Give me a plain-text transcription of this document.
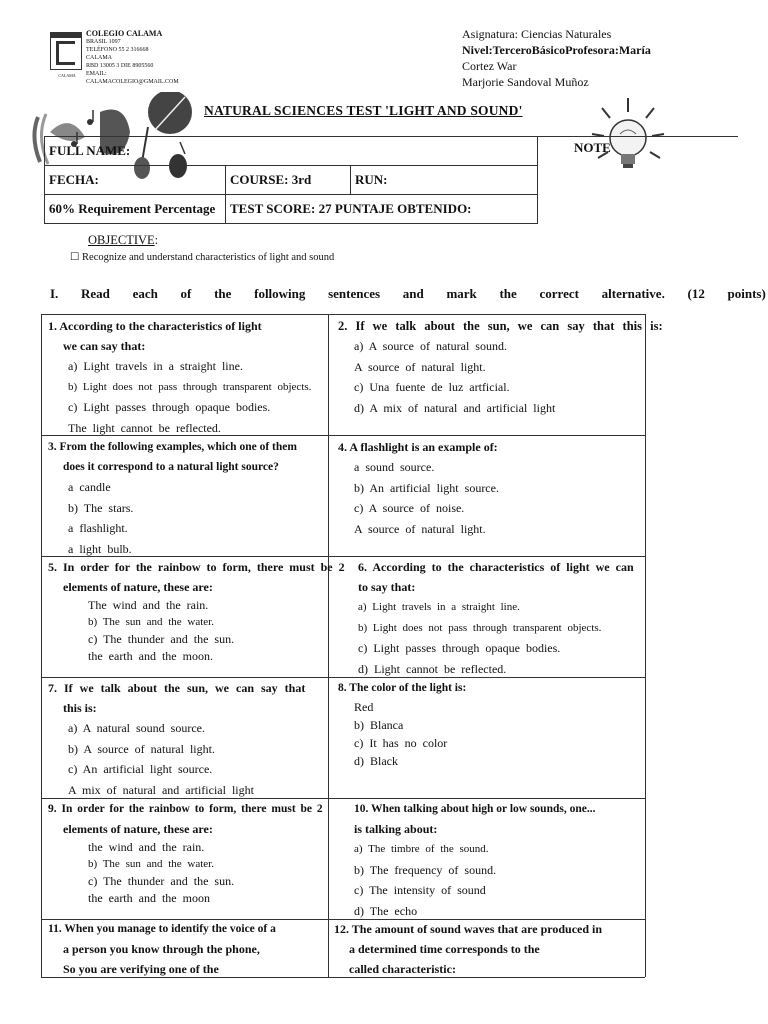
CALAMA
COLEGIO CALAMA
BRASIL 1097
TELÉFONO 55 2 316668
CALAMA
RBD 13005 3 DIE 8905560
EMAIL: CALAMACOLEGIO@GMAIL.COM
Asignatura: Ciencias Naturales
Nivel:TerceroBásicoProfesora:María
Cortez War
Marjorie Sandoval Muñoz
NATURAL SCIENCES TEST 'LIGHT AND SOUND'
FULL NAME:		
FECHA:	COURSE: 3rd	RUN:
60% Requirement Percentage	TEST SCORE: 27 PUNTAJE OBTENIDO:	
NOTE
OBJECTIVE:
☐ Recognize and understand characteristics of light and sound
I. Read each of the following sentences and mark the correct alternative. (12 points)
1. According to the characteristics of light
we can say that:
a) Light travels in a straight line.
b) Light does not pass through transparent objects.
c) Light passes through opaque bodies.
The light cannot be reflected.
2. If we talk about the sun, we can say that this is:
a) A source of natural sound.
A source of natural light.
c) Una fuente de luz artficial.
d) A mix of natural and artificial light
3. From the following examples, which one of them
does it correspond to a natural light source?
a candle
b) The stars.
a flashlight.
a light bulb.
4. A flashlight is an example of:
a sound source.
b) An artificial light source.
c) A source of noise.
A source of natural light.
5. In order for the rainbow to form, there must be 2
elements of nature, these are:
The wind and the rain.
b) The sun and the water.
c) The thunder and the sun.
the earth and the moon.
6. According to the characteristics of light we can
to say that:
a) Light travels in a straight line.
b) Light does not pass through transparent objects.
c) Light passes through opaque bodies.
d) Light cannot be reflected.
7. If we talk about the sun, we can say that
this is:
a) A natural sound source.
b) A source of natural light.
c) An artificial light source.
A mix of natural and artificial light
8. The color of the light is:
Red
b) Blanca
c) It has no color
d) Black
9. In order for the rainbow to form, there must be 2
elements of nature, these are:
the wind and the rain.
b) The sun and the water.
c) The thunder and the sun.
the earth and the moon
10. When talking about high or low sounds, one...
is talking about:
a) The timbre of the sound.
b) The frequency of sound.
c) The intensity of sound
d) The echo
11. When you manage to identify the voice of a
a person you know through the phone,
So you are verifying one of the
12. The amount of sound waves that are produced in
a determined time corresponds to the
called characteristic:
